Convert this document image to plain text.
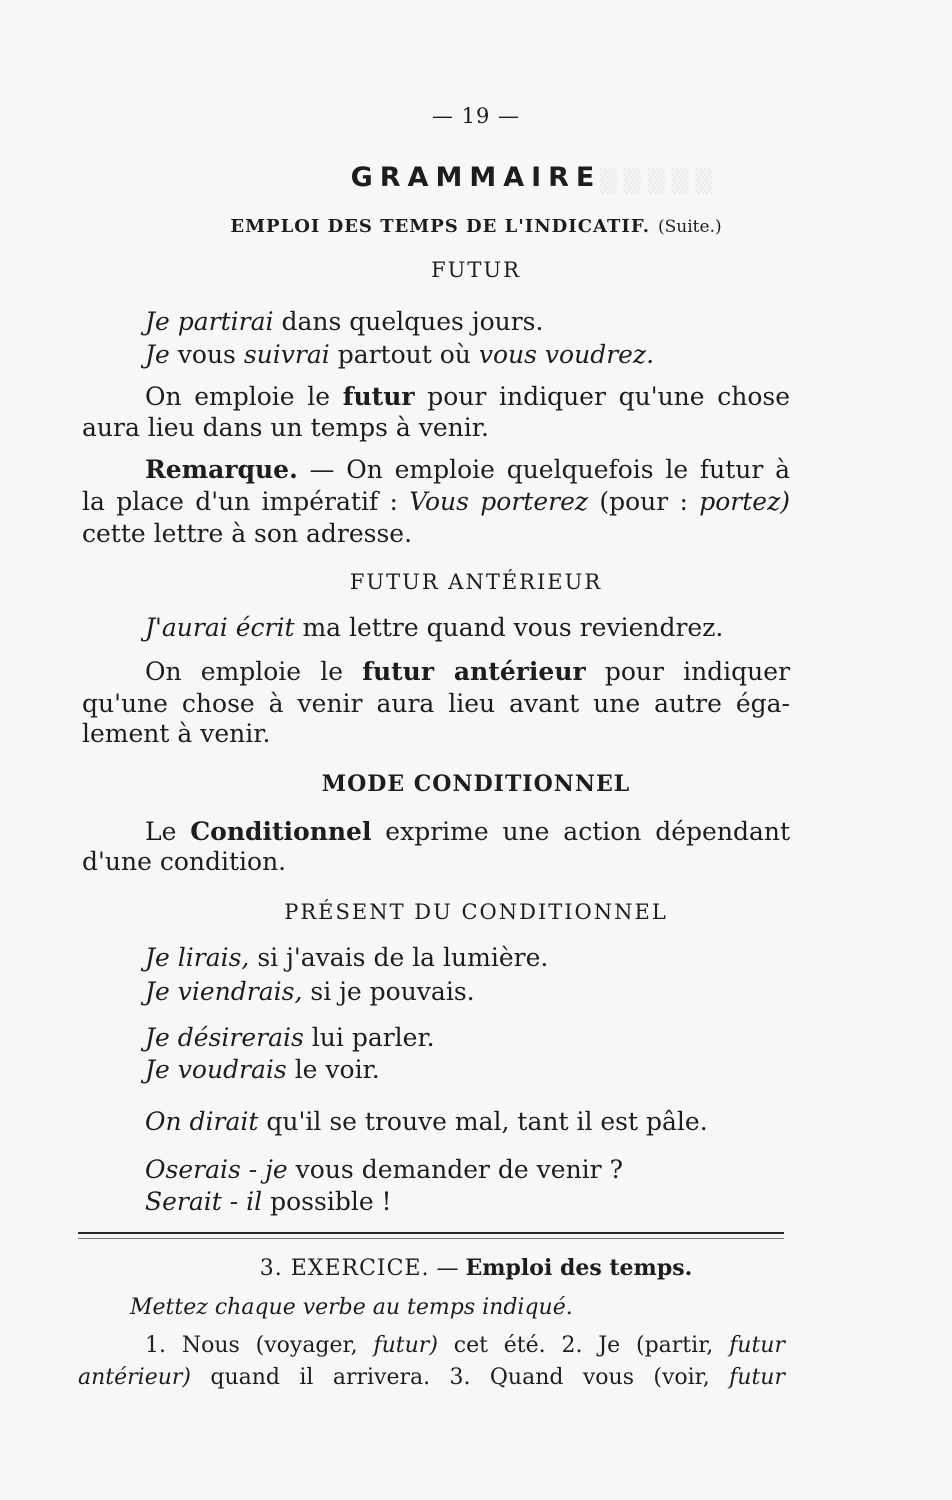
▒ ▒ ▒ ▒ ▒
— 19 —
GRAMMAIRE
EMPLOI DES TEMPS DE L'INDICATIF. (Suite.)
FUTUR
Je partirai dans quelques jours.
Je vous suivrai partout où vous voudrez.
On emploie le futur pour indiquer qu'une chose
aura lieu dans un temps à venir.
Remarque. — On emploie quelquefois le futur à
la place d'un impératif : Vous porterez (pour : portez)
cette lettre à son adresse.
FUTUR ANTÉRIEUR
J'aurai écrit ma lettre quand vous reviendrez.
On emploie le futur antérieur pour indiquer
qu'une chose à venir aura lieu avant une autre éga-
lement à venir.
MODE CONDITIONNEL
Le Conditionnel exprime une action dépendant
d'une condition.
PRÉSENT DU CONDITIONNEL
Je lirais, si j'avais de la lumière.
Je viendrais, si je pouvais.
Je désirerais lui parler.
Je voudrais le voir.
On dirait qu'il se trouve mal, tant il est pâle.
Oserais - je vous demander de venir ?
Serait - il possible !
3. EXERCICE. — Emploi des temps.
Mettez chaque verbe au temps indiqué.
1. Nous (voyager, futur) cet été. 2. Je (partir, futur
antérieur) quand il arrivera. 3. Quand vous (voir, futur
